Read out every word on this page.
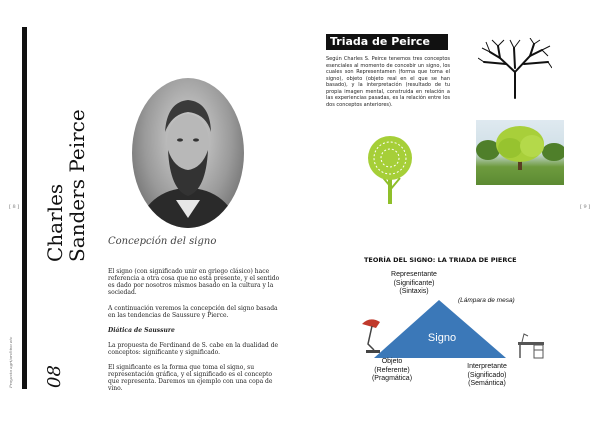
[ 8 ] Charles Sanders Peirce
08
Proyecto agri/archivo etc
Concepción del signo
El signo (con significado unir en griego clásico) hace referencia a otra cosa que no está presente, y el sentido es dado por nosotros mismos basado en la cultura y la sociedad.
A continuación veremos la concepción del signo basada en las tendencias de Saussure y Pierce.
Diática de Saussure
La propuesta de Ferdinand de S. cabe en la dualidad de conceptos: significante y significado.
El significante es la forma que toma el signo, su representación gráfica, y el significado es el concepto que representa. Daremos un ejemplo con una copa de vino.
[ 9 ]
Triada de Peirce
Según Charles S. Peirce tenemos tres conceptos esenciales al momento de concebir un signo, los cuales son Representamen (forma que toma el signo), objeto (objeto real en el que se han basado), y la interpretación (resultado de tu propia imagen mental, construida en relación a las experiencias pasadas, es la relación entre los dos conceptos anteriores).
TEORÍA DEL SIGNO: LA TRIADA DE PIERCE
Representante
(Significante)
(Sintaxis)
(Lámpara de mesa)
Signo
Objeto
(Referente)
(Pragmática)
Interpretante
(Significado)
(Semántica)
